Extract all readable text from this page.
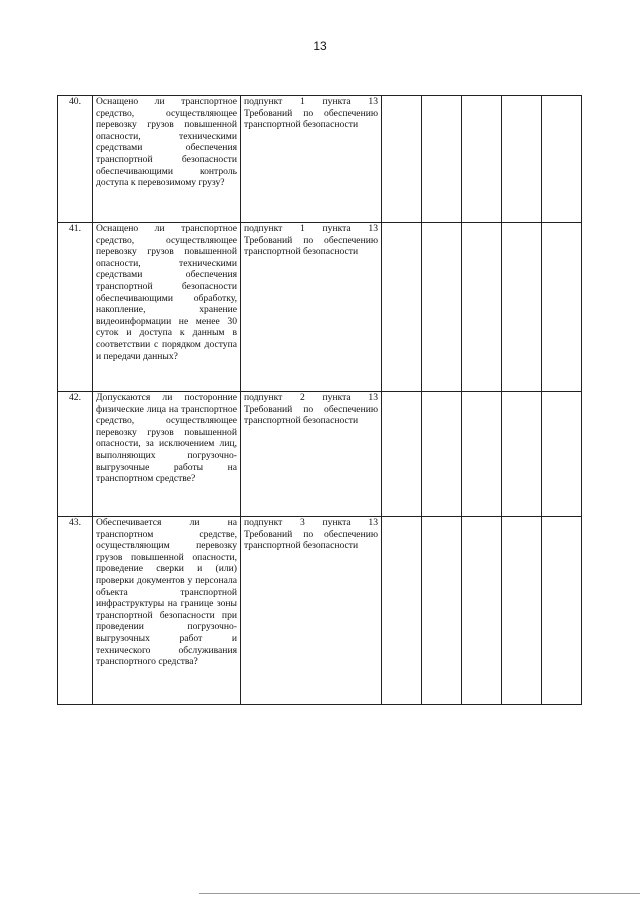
13
40.	Оснащено ли транспортное средство, осуществляющее перевозку грузов повышенной опасности, техническими средствами обеспечения транспортной безопасности обеспечивающими контроль доступа к перевозимому грузу?	подпункт 1 пункта 13 Требований по обеспечению транспортной безопасности					
41.	Оснащено ли транспортное средство, осуществляющее перевозку грузов повышенной опасности, техническими средствами обеспечения транспортной безопасности обеспечивающими обработку, накопление, хранение видеоинформации не менее 30 суток и доступа к данным в соответствии с порядком доступа и передачи данных?	подпункт 1 пункта 13 Требований по обеспечению транспортной безопасности					
42.	Допускаются ли посторонние физические лица на транспортное средство, осуществляющее перевозку грузов повышенной опасности, за исключением лиц, выполняющих погрузочно-выгрузочные работы на транспортном средстве?	подпункт 2 пункта 13 Требований по обеспечению транспортной безопасности					
43.	Обеспечивается ли на транспортном средстве, осуществляющим перевозку грузов повышенной опасности, проведение сверки и (или) проверки документов у персонала объекта транспортной инфраструктуры на границе зоны транспортной безопасности при проведении погрузочно-выгрузочных работ и технического обслуживания транспортного средства?	подпункт 3 пункта 13 Требований по обеспечению транспортной безопасности					
